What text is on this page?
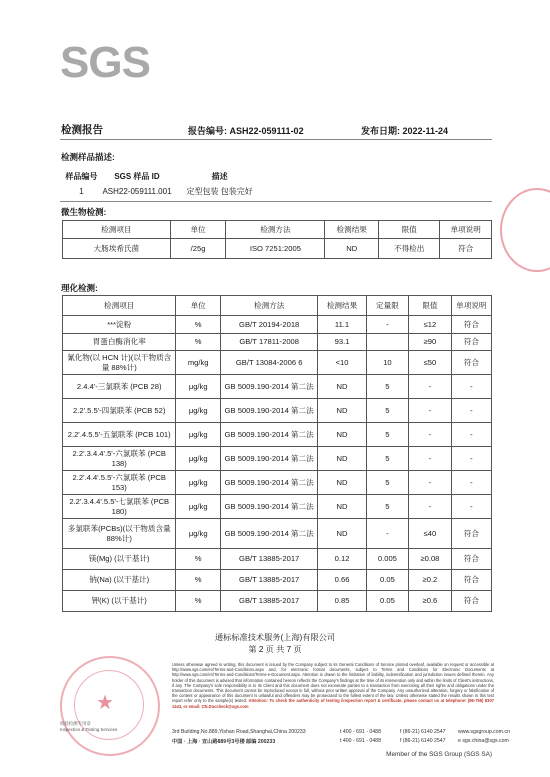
SGS
检测报告	报告编号: ASH22-059111-02	发布日期: 2022-11-24
检测样品描述:
样品编号	SGS 样品 ID	描述
1	ASH22-059111.001	定型包装 包装完好
微生物检测:
检测项目	单位	检测方法	检测结果	限值	单项说明
大肠埃希氏菌	/25g	ISO 7251:2005	ND	不得检出	符合
理化检测:
检测项目	单位	检测方法	检测结果	定量限	限值	单项说明
***淀粉	%	GB/T 20194-2018	11.1	-	≤12	符合
胃蛋白酶消化率	%	GB/T 17811-2008	93.1		≥90	符合
氰化物(以 HCN 计)(以干物质含量 88%计)	mg/kg	GB/T 13084-2006 6	<10	10	≤50	符合
2.4.4'-三氯联苯 (PCB 28)	μg/kg	GB 5009.190-2014 第二法	ND	5	-	-
2.2'.5.5'-四氯联苯 (PCB 52)	μg/kg	GB 5009.190-2014 第二法	ND	5	-	-
2.2'.4.5.5'-五氯联苯 (PCB 101)	μg/kg	GB 5009.190-2014 第二法	ND	5	-	-
2.2'.3.4.4'.5'-六氯联苯 (PCB 138)	μg/kg	GB 5009.190-2014 第二法	ND	5	-	-
2.2'.4.4'.5.5'-六氯联苯 (PCB 153)	μg/kg	GB 5009.190-2014 第二法	ND	5	-	-
2.2'.3.4.4'.5.5'-七氯联苯 (PCB 180)	μg/kg	GB 5009.190-2014 第二法	ND	5	-	-
多氯联苯(PCBs)(以干物质含量 88%计)	μg/kg	GB 5009.190-2014 第二法	ND	-	≤40	符合
镁(Mg) (以干基计)	%	GB/T 13885-2017	0.12	0.005	≥0.08	符合
钠(Na) (以干基计)	%	GB/T 13885-2017	0.66	0.05	≥0.2	符合
钾(K) (以干基计)	%	GB/T 13885-2017	0.85	0.05	≥0.6	符合
通标标准技术服务(上海)有限公司
第 2 页 共 7 页
★
检验检测专用章
Inspection & Testing Services
Unless otherwise agreed in writing, this document is issued by the Company subject to its General Conditions of Service printed overleaf, available on request or accessible at http://www.sgs.com/en/Terms-and-Conditions.aspx and, for electronic format documents, subject to Terms and Conditions for Electronic Documents at http://www.sgs.com/en/Terms-and-Conditions/Terms-e-Document.aspx. Attention is drawn to the limitation of liability, indemnification and jurisdiction issues defined therein. Any holder of this document is advised that information contained hereon reflects the Company's findings at the time of its intervention only and within the limits of Client's instructions, if any. The Company's sole responsibility is to its Client and this document does not exonerate parties to a transaction from exercising all their rights and obligations under the transaction documents. This document cannot be reproduced except in full, without prior written approval of the Company. Any unauthorized alteration, forgery or falsification of the content or appearance of this document is unlawful and offenders may be prosecuted to the fullest extent of the law. Unless otherwise stated the results shown in this test report refer only to the sample(s) tested. Attention: To check the authenticity of testing /inspection report & certificate, please contact us at telephone: (86-755) 8307 1443, or email: CN.Doccheck@sgs.com
3rd Building,No.889,Yishan Road,Shanghai,China 200233
中国 · 上海 · 宜山路889号3号楼 邮编 200233
t 400 - 691 - 0488	f (86-21) 6140 2547 www.sgsgroup.com.cn
t 400 - 691 - 0488	f (86-21) 6140 2547 e sgs.china@sgs.com
Member of the SGS Group (SGS SA)
